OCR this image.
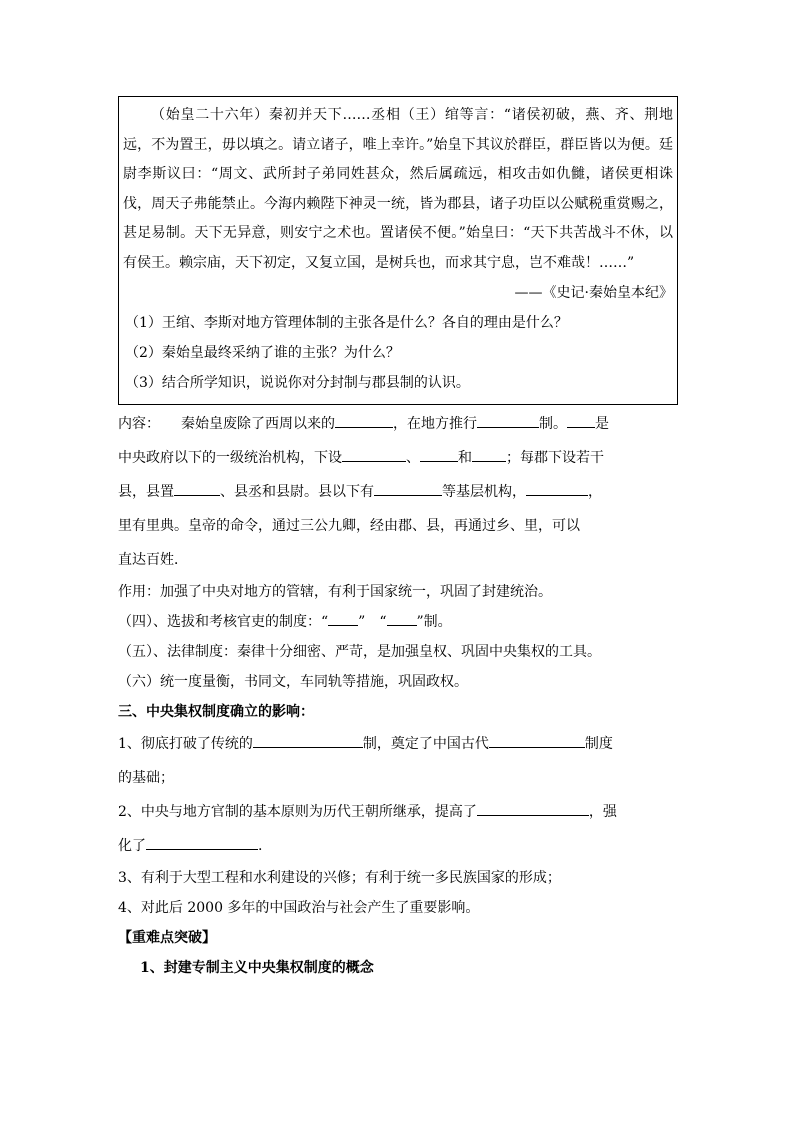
（始皇二十六年）秦初并天下……丞相（王）绾等言：“诸侯初破，燕、齐、荆地远，不为置王，毋以填之。请立诸子，唯上幸许。”始皇下其议於群臣，群臣皆以为便。廷尉李斯议曰：“周文、武所封子弟同姓甚众，然后属疏远，相攻击如仇雠，诸侯更相诛伐，周天子弗能禁止。今海内赖陛下神灵一统，皆为郡县，诸子功臣以公赋税重赏赐之，甚足易制。天下无异意，则安宁之术也。置诸侯不便。”始皇曰：“天下共苦战斗不休，以有侯王。赖宗庙，天下初定，又复立国，是树兵也，而求其宁息，岂不难哉！……”

——《史记·秦始皇本纪》

（1）王绾、李斯对地方管理体制的主张各是什么？各自的理由是什么？

（2）秦始皇最终采纳了谁的主张？为什么？

（3）结合所学知识，说说你对分封制与郡县制的认识。

内容：　　秦始皇废除了西周以来的	，在地方推行	制。 是

中央政府以下的一级统治机构，下设	、	和 ；每郡下设若干

县，县置	、县丞和县尉。县以下有	等基层机构，	，

里有里典。皇帝的命令，通过三公九卿，经由郡、县，再通过乡、里，可以

直达百姓．

作用：加强了中央对地方的管辖，有利于国家统一，巩固了封建统治。

（四）、选拔和考核官吏的制度：“ ”　“ ”制。

（五）、法律制度：秦律十分细密、严苛，是加强皇权、巩固中央集权的工具。

（六）统一度量衡，书同文，车同轨等措施，巩固政权。

三、中央集权制度确立的影响：

1、彻底打破了传统的	制，奠定了中国古代	制度

的基础；

2、中央与地方官制的基本原则为历代王朝所继承，提高了	，强

化了	.

3、有利于大型工程和水利建设的兴修；有利于统一多民族国家的形成；

4、对此后 2000 多年的中国政治与社会产生了重要影响。

【重难点突破】

1、封建专制主义中央集权制度的概念
